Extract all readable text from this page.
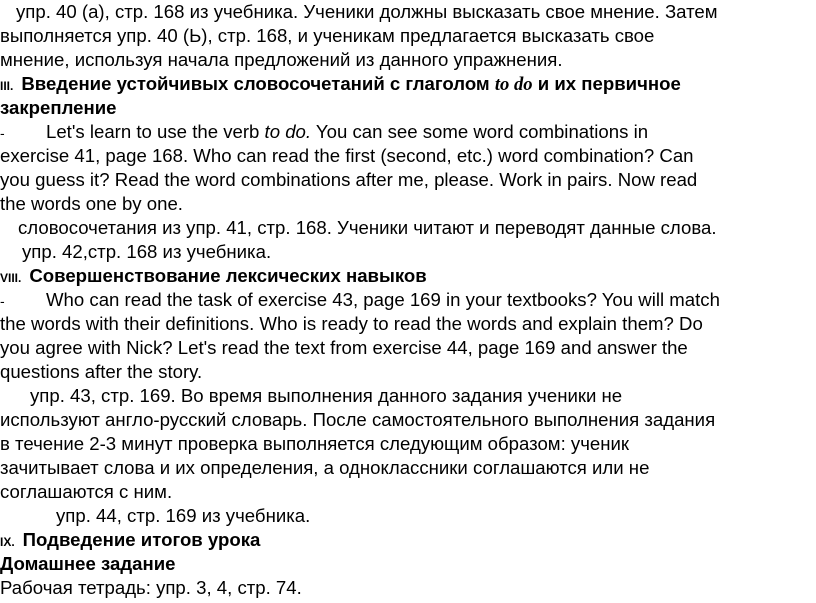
упр. 40 (a), стр. 168 из учебника. Ученики должны высказать свое мнение. Затем
выполняется упр. 40 (Ь), стр. 168, и ученикам предлагается высказать свое
мнение, используя начала предложений из данного упражнения.
III. Введение устойчивых словосочетаний с глаголом to do и их первичное
закрепление
- Let's learn to use the verb to do. You can see some word combinations in
exercise 41, page 168. Who can read the first (second, etc.) word combination? Can
you guess it? Read the word combinations after me, please. Work in pairs. Now read
the words one by one.
словосочетания из упр. 41, стр. 168. Ученики читают и переводят данные слова.
упр. 42,стр. 168 из учебника.
VIII. Совершенствование лексических навыков
- Who can read the task of exercise 43, page 169 in your textbooks? You will match
the words with their definitions. Who is ready to read the words and explain them? Do
you agree with Nick? Let's read the text from exercise 44, page 169 and answer the
questions after the story.
упр. 43, стр. 169. Во время выполнения данного задания ученики не
используют англо-русский словарь. После самостоятельного выполнения задания
в течение 2-3 минут проверка выполняется следующим образом: ученик
зачитывает слова и их определения, а одноклассники соглашаются или не
соглашаются с ним.
упр. 44, стр. 169 из учебника.
IX. Подведение итогов урока
Домашнее задание
Рабочая тетрадь: упр. 3, 4, стр. 74.
